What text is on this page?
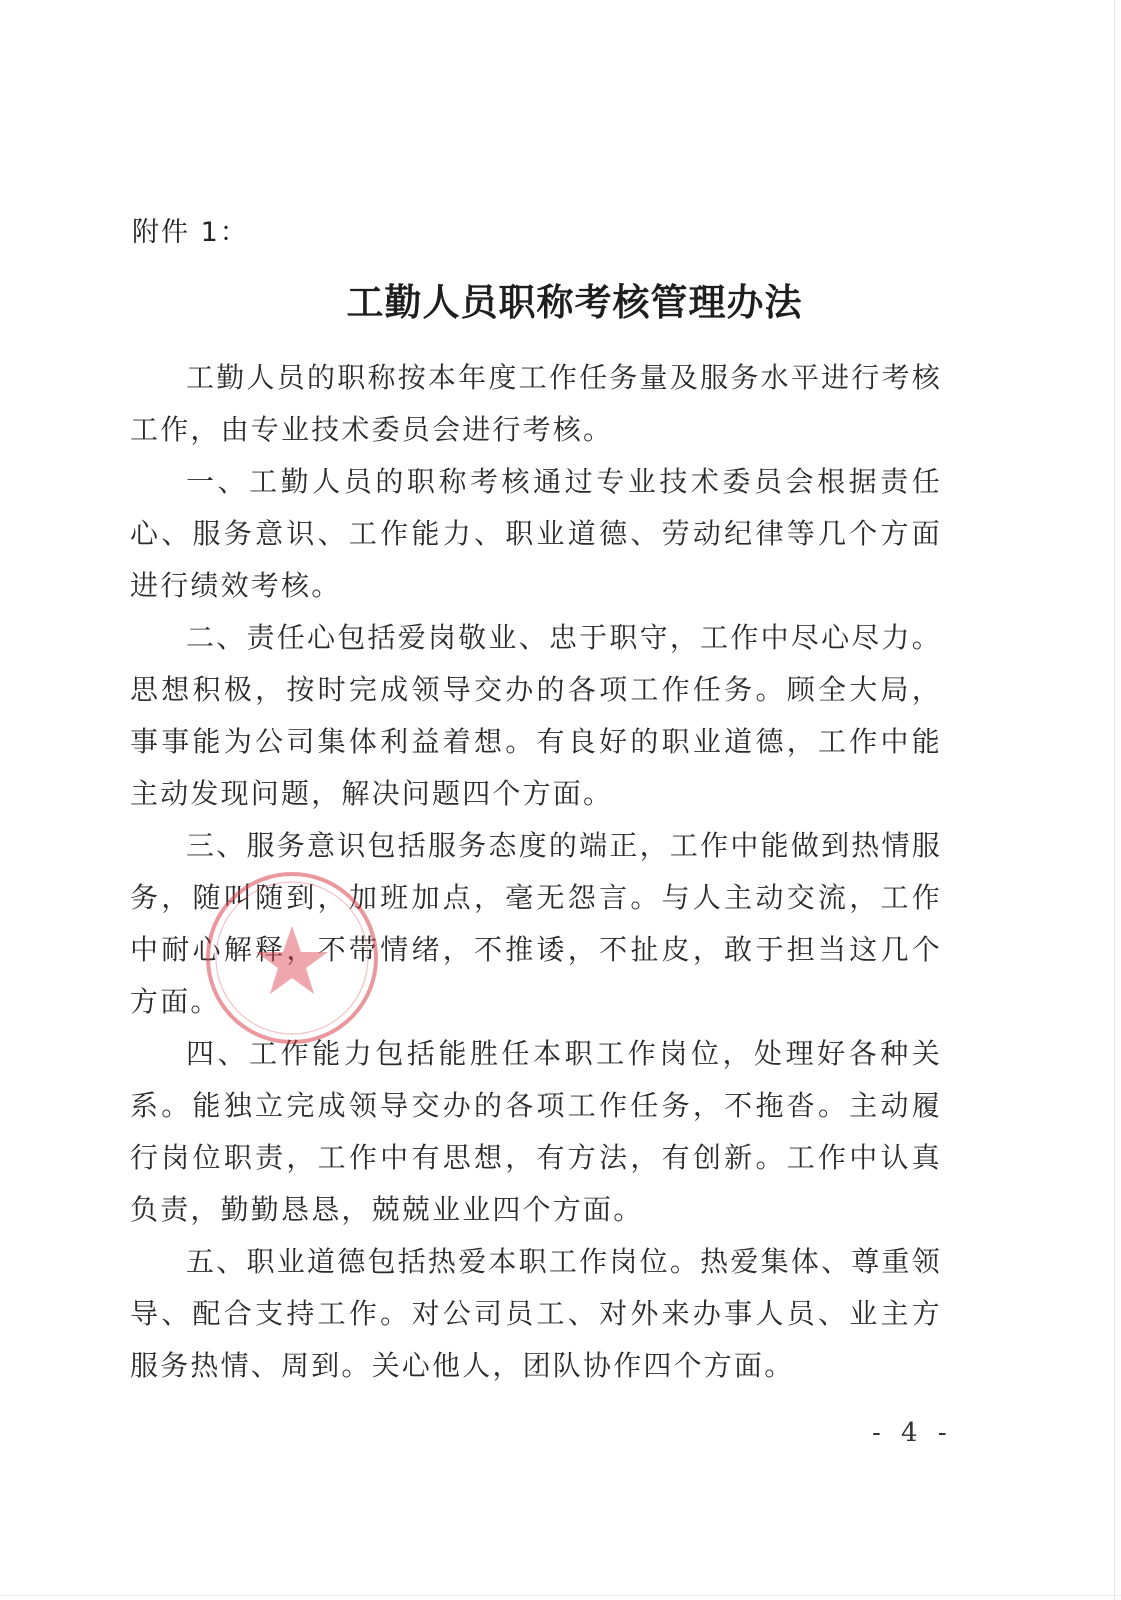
附件 1：
工勤人员职称考核管理办法

工勤人员的职称按本年度工作任务量及服务水平进行考核工作，由专业技术委员会进行考核。

一、工勤人员的职称考核通过专业技术委员会根据责任心、服务意识、工作能力、职业道德、劳动纪律等几个方面进行绩效考核。

二、责任心包括爱岗敬业、忠于职守，工作中尽心尽力。思想积极，按时完成领导交办的各项工作任务。顾全大局，事事能为公司集体利益着想。有良好的职业道德，工作中能主动发现问题，解决问题四个方面。

三、服务意识包括服务态度的端正，工作中能做到热情服务，随叫随到，加班加点，毫无怨言。与人主动交流，工作中耐心解释，不带情绪，不推诿，不扯皮，敢于担当这几个方面。

四、工作能力包括能胜任本职工作岗位，处理好各种关系。能独立完成领导交办的各项工作任务，不拖沓。主动履行岗位职责，工作中有思想，有方法，有创新。工作中认真负责，勤勤恳恳，兢兢业业四个方面。

五、职业道德包括热爱本职工作岗位。热爱集体、尊重领导、配合支持工作。对公司员工、对外来办事人员、业主方服务热情、周到。关心他人，团队协作四个方面。

- 4 -
